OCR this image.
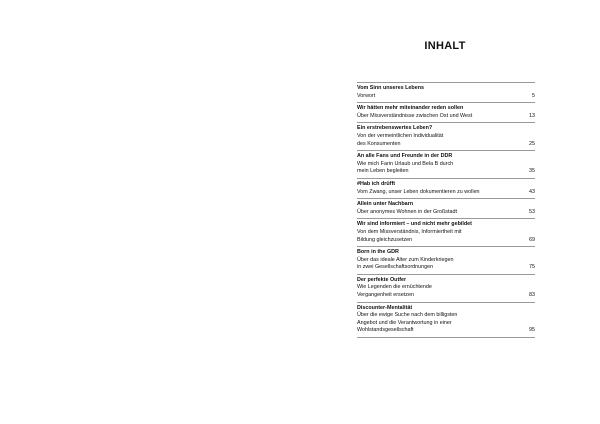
INHALT
Vom Sinn unseres Lebens
Vorwort	5
Wir hätten mehr miteinander reden sollen
Über Missverständnisse zwischen Ost und West	13
Ein erstrebenswertes Leben?
Von der vermeintlichen Individualität
des Konsumenten	25
An alle Fans und Freunde in der DDR
Wie mich Farin Urlaub und Bela B durch
mein Leben begleiten	35
#Hab ich drüfft
Vom Zwang, unser Leben dokumentieren zu wollen	43
Allein unter Nachbarn
Über anonymes Wohnen in der Großstadt	53
Wir sind informiert – und nicht mehr gebildet
Von dem Missverständnis, Informiertheit mit
Bildung gleichzusetzen	69
Born in the GDR
Über das ideale Alter zum Kinderkriegen
in zwei Gesellschaftsordnungen	75
Der perfekte Outfer
Wie Legenden die ernüchtende
Vergangenheit ersetzen	83
Discounter-Mentalität
Über die ewige Suche nach dem billigsten
Angebot und die Verantwortung in einer
Wohlstandsgesellschaft	95
